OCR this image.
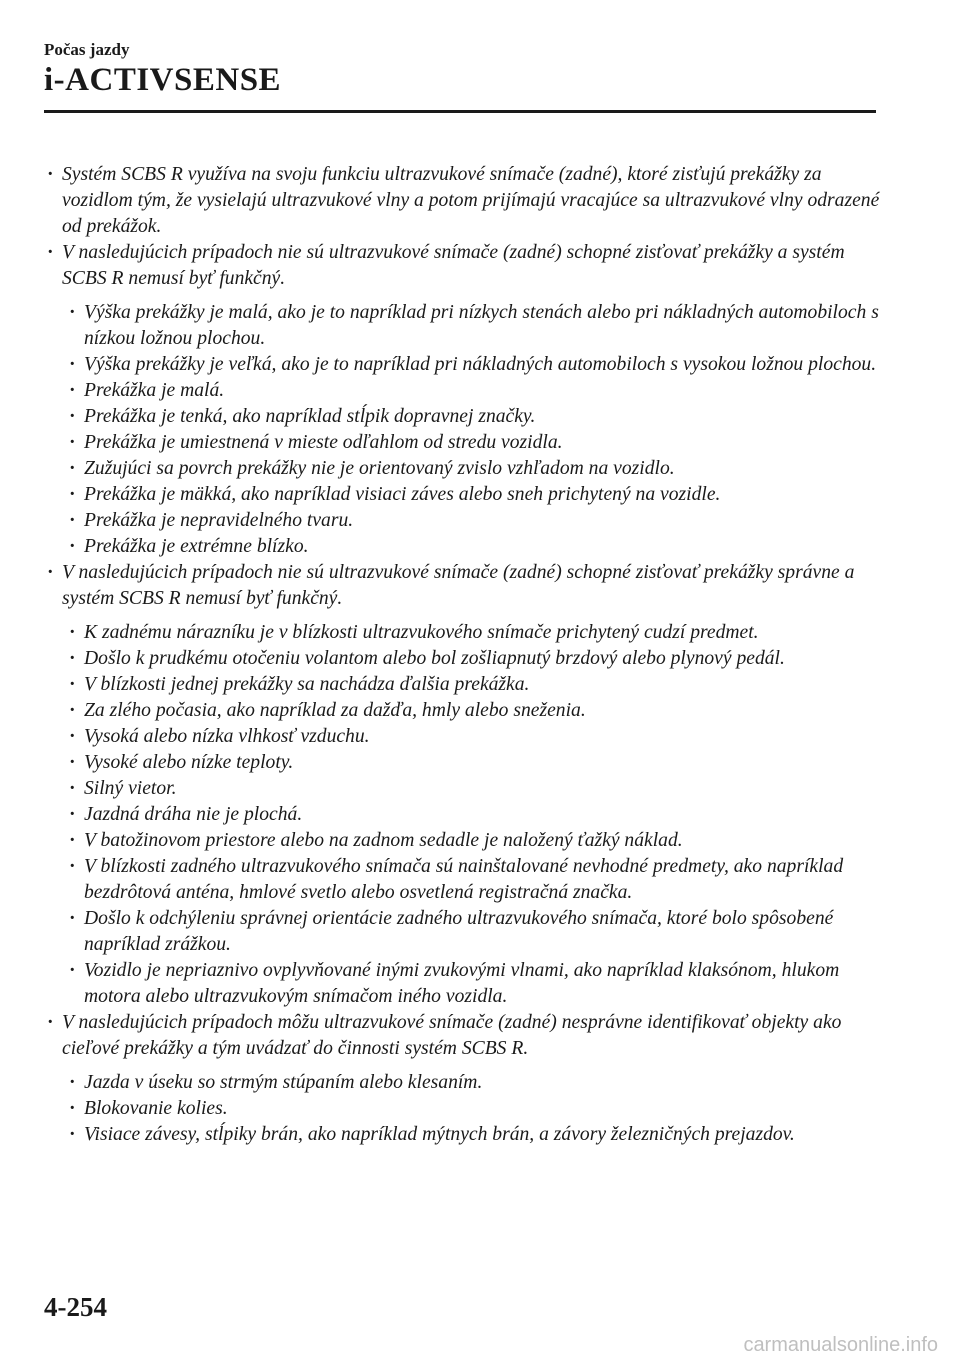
Počas jazdy
i-ACTIVSENSE
· Systém SCBS R využíva na svoju funkciu ultrazvukové snímače (zadné), ktoré zisťujú prekážky za vozidlom tým, že vysielajú ultrazvukové vlny a potom prijímajú vracajúce sa ultrazvukové vlny odrazené od prekážok.
· V nasledujúcich prípadoch nie sú ultrazvukové snímače (zadné) schopné zisťovať prekážky a systém SCBS R nemusí byť funkčný.
· Výška prekážky je malá, ako je to napríklad pri nízkych stenách alebo pri nákladných automobiloch s nízkou ložnou plochou.
· Výška prekážky je veľká, ako je to napríklad pri nákladných automobiloch s vysokou ložnou plochou.
· Prekážka je malá.
· Prekážka je tenká, ako napríklad stĺpik dopravnej značky.
· Prekážka je umiestnená v mieste odľahlom od stredu vozidla.
· Zužujúci sa povrch prekážky nie je orientovaný zvislo vzhľadom na vozidlo.
· Prekážka je mäkká, ako napríklad visiaci záves alebo sneh prichytený na vozidle.
· Prekážka je nepravidelného tvaru.
· Prekážka je extrémne blízko.
· V nasledujúcich prípadoch nie sú ultrazvukové snímače (zadné) schopné zisťovať prekážky správne a systém SCBS R nemusí byť funkčný.
· K zadnému nárazníku je v blízkosti ultrazvukového snímače prichytený cudzí predmet.
· Došlo k prudkému otočeniu volantom alebo bol zošliapnutý brzdový alebo plynový pedál.
· V blízkosti jednej prekážky sa nachádza ďalšia prekážka.
· Za zlého počasia, ako napríklad za dažďa, hmly alebo sneženia.
· Vysoká alebo nízka vlhkosť vzduchu.
· Vysoké alebo nízke teploty.
· Silný vietor.
· Jazdná dráha nie je plochá.
· V batožinovom priestore alebo na zadnom sedadle je naložený ťažký náklad.
· V blízkosti zadného ultrazvukového snímača sú nainštalované nevhodné predmety, ako napríklad bezdrôtová anténa, hmlové svetlo alebo osvetlená registračná značka.
· Došlo k odchýleniu správnej orientácie zadného ultrazvukového snímača, ktoré bolo spôsobené napríklad zrážkou.
· Vozidlo je nepriaznivo ovplyvňované inými zvukovými vlnami, ako napríklad klaksónom, hlukom motora alebo ultrazvukovým snímačom iného vozidla.
· V nasledujúcich prípadoch môžu ultrazvukové snímače (zadné) nesprávne identifikovať objekty ako cieľové prekážky a tým uvádzať do činnosti systém SCBS R.
· Jazda v úseku so strmým stúpaním alebo klesaním.
· Blokovanie kolies.
· Visiace závesy, stĺpiky brán, ako napríklad mýtnych brán, a závory železničných prejazdov.
4-254
carmanualsonline.info
